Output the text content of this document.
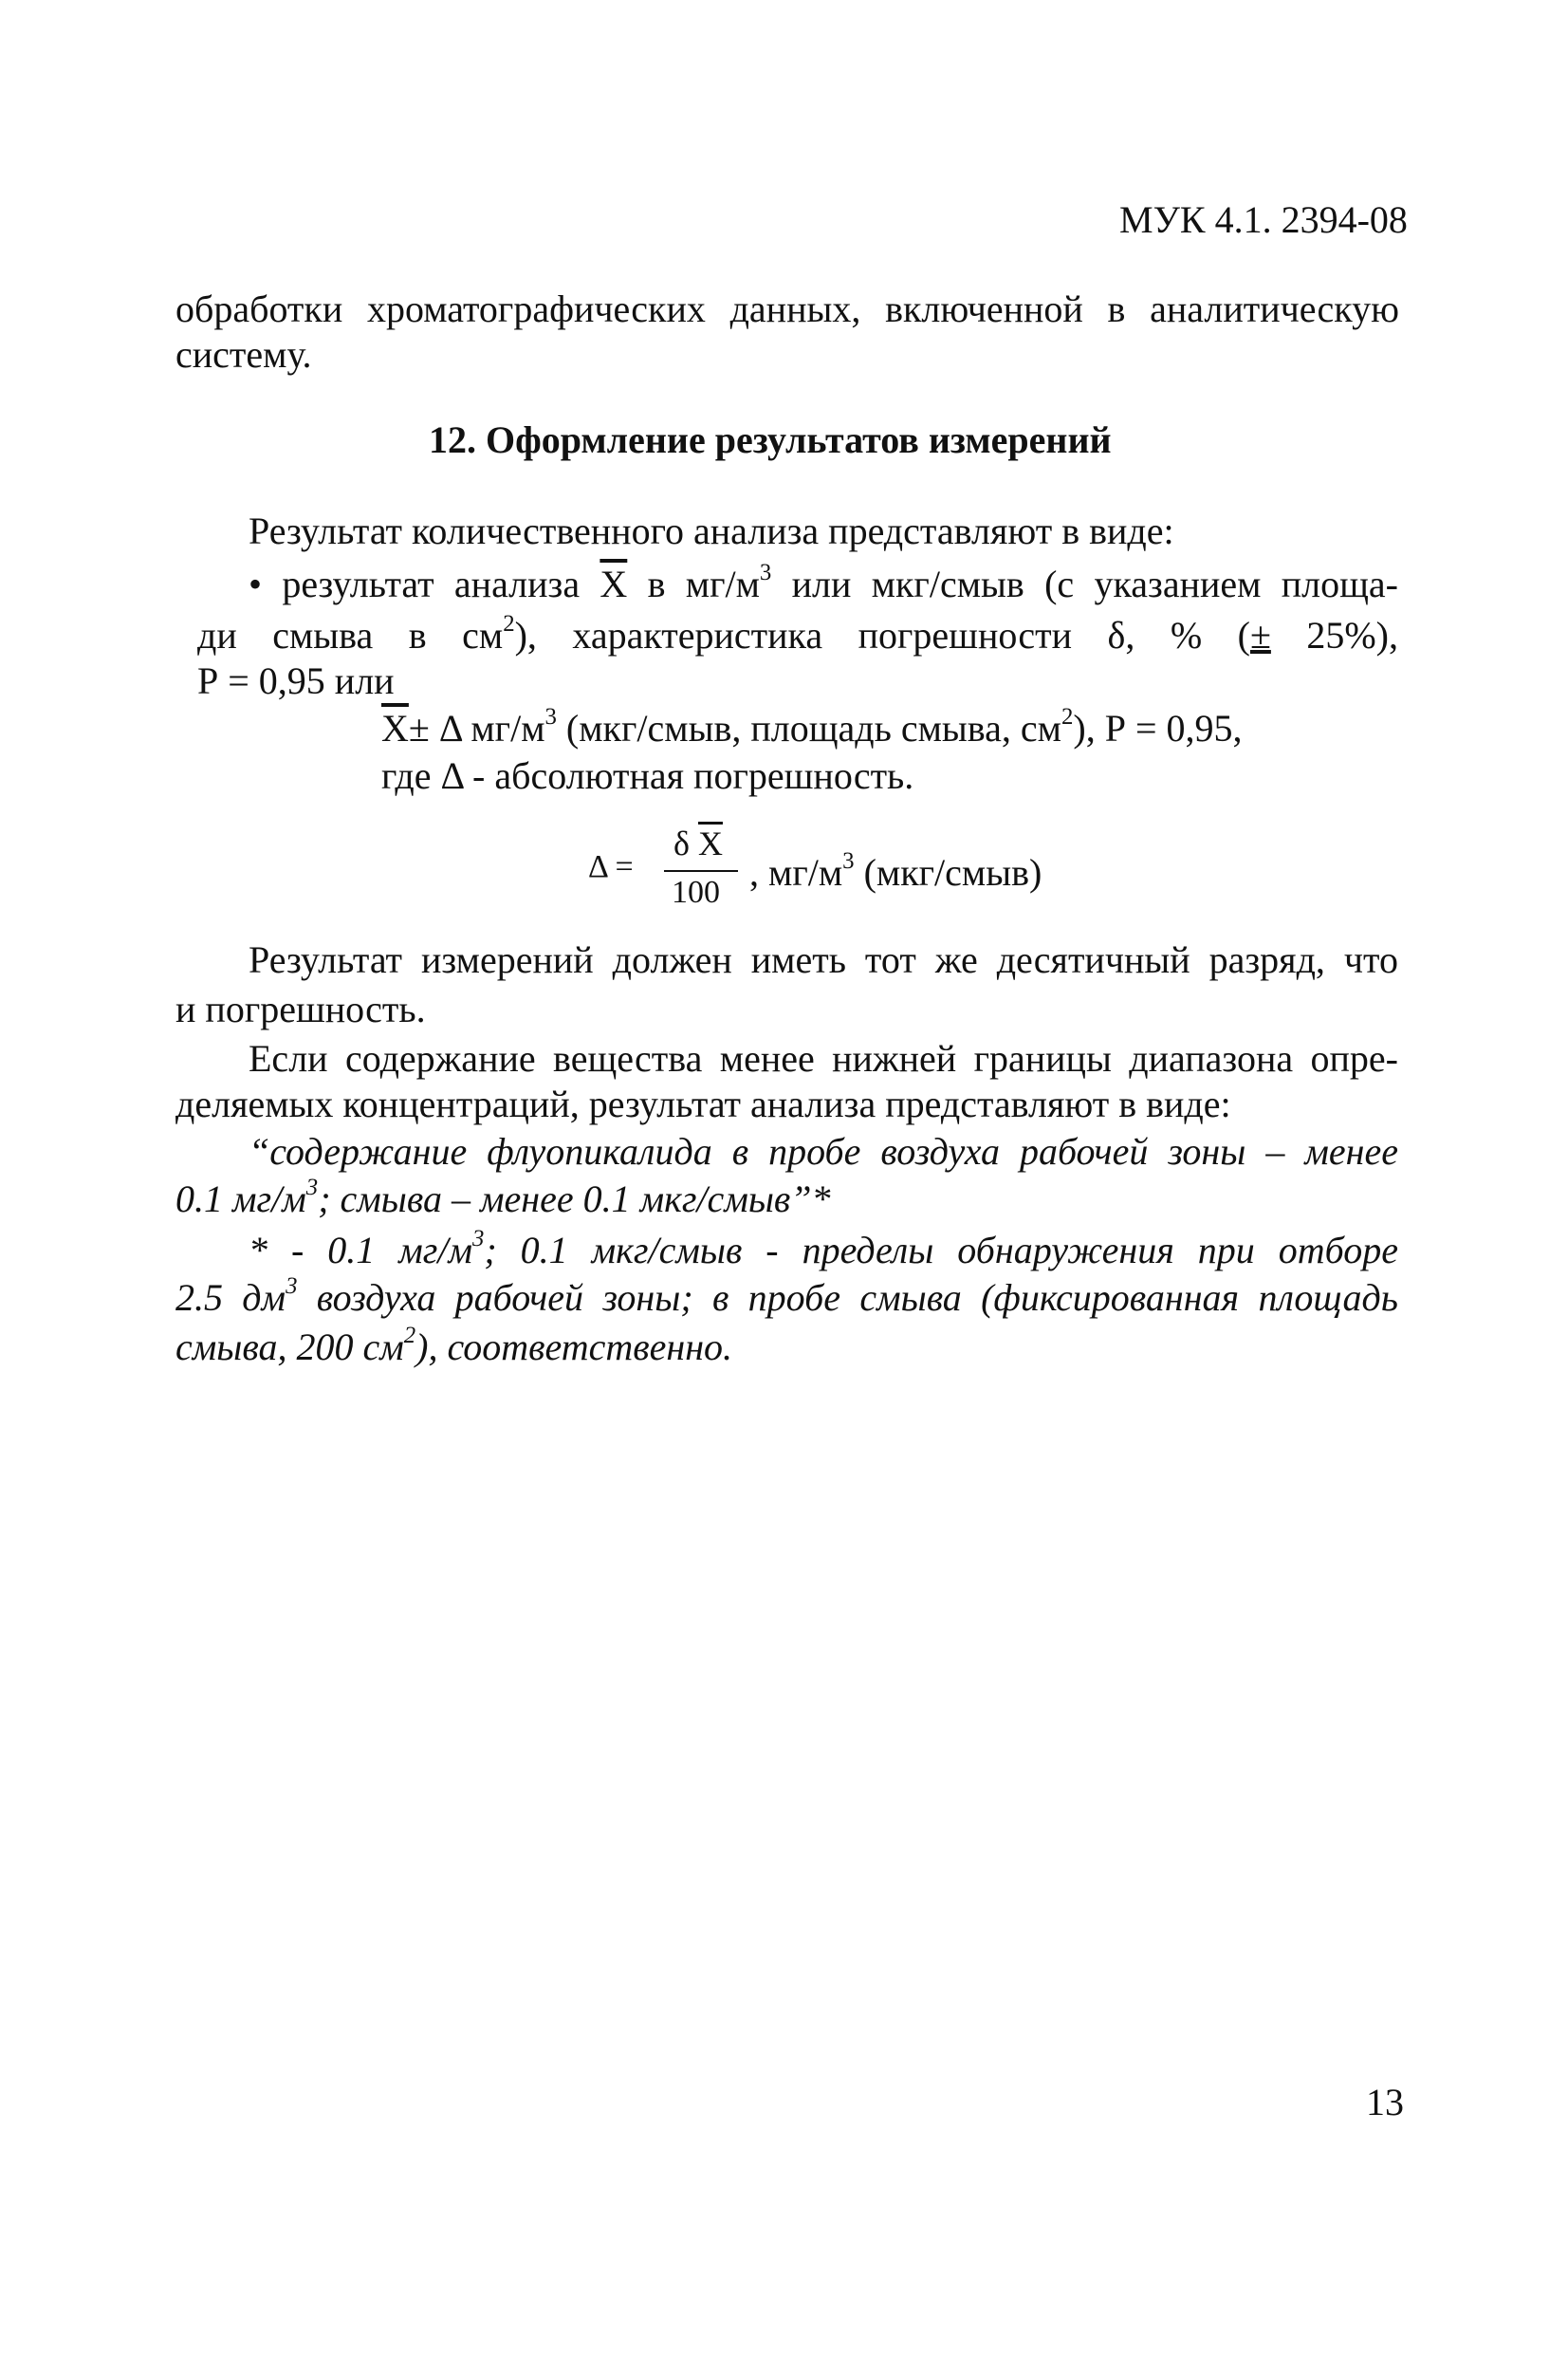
МУК 4.1. 2394-08
обработки хроматографических данных, включенной в аналитическую
систему.
12. Оформление результатов измерений
Результат количественного анализа представляют в виде:
• результат анализа $\overline{X}$ в $мг/м^3$ или мкг/смыв (с указанием площа-
ди смыва в $см^2$), характеристика погрешности δ, % (± 25%),
Р = 0,95 или
$\overline{X}\pm \Delta$ $мг/м^3$ (мкг/смыв, площадь смыва, $см^2$), Р = 0,95,
где Δ - абсолютная погрешность.
Δ =
δ $\overline{X}$
100 , $мг/м^3$ (мкг/смыв)
Результат измерений должен иметь тот же десятичный разряд, что
и погрешность.
Если содержание вещества менее нижней границы диапазона опре-
деляемых концентраций, результат анализа представляют в виде:
“содержание флуопикалида в пробе воздуха рабочей зоны – менее
0.1 $мг/м^3$; смыва – менее 0.1 мкг/смыв”*
* - 0.1 $мг/м^3$; 0.1 мкг/смыв - пределы обнаружения при отборе
2.5 $дм^3$ воздуха рабочей зоны; в пробе смыва (фиксированная площадь
смыва, 200 $см^2$), соответственно.
13
